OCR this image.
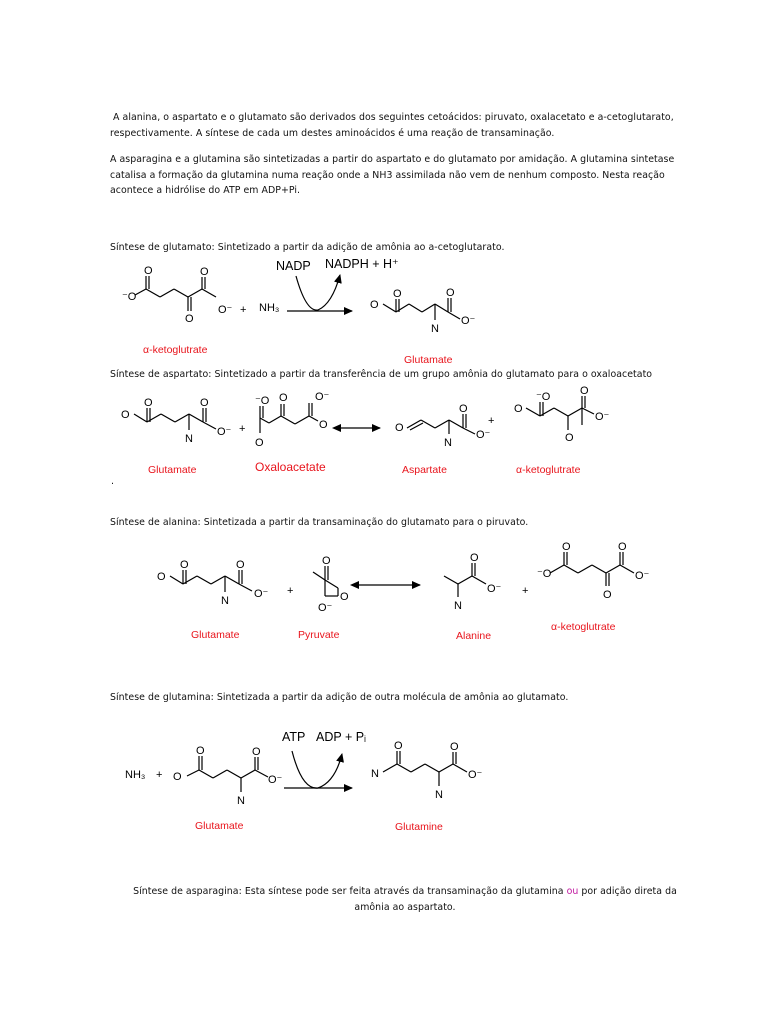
A alanina, o aspartato e o glutamato são derivados dos seguintes cetoácidos: piruvato, oxalacetato e a-cetoglutarato,
respectivamente. A síntese de cada um destes aminoácidos é uma reação de transaminação.
A asparagina e a glutamina são sintetizadas a partir do aspartato e do glutamato por amidação. A glutamina sintetase
catalisa a formação da glutamina numa reação onde a NH3 assimilada não vem de nenhum composto. Nesta reação
acontece a hidrólise do ATP em ADP+Pi.
Síntese de glutamato: Sintetizado a partir da adição de amônia ao a-cetoglutarato.
Síntese de aspartato: Sintetizado a partir da transferência de um grupo amônia do glutamato para o oxaloacetato
.
Síntese de alanina: Sintetizada a partir da transaminação do glutamato para o piruvato.
Síntese de glutamina: Sintetizada a partir da adição de outra molécula de amônia ao glutamato.
Síntese de asparagina: Esta síntese pode ser feita através da transaminação da glutamina ou por adição direta da
amônia ao aspartato.
NADP NADPH + H⁺
⁻O
O
O
O
O⁻ + NH₃	O
O
N
O
O⁻
α-ketoglutrate
Glutamate
O
O
N
O
O⁻ +
⁻O
O
O O⁻
O	O
N
O
O⁻
+
O
⁻O
O
O
O⁻
Glutamate	Oxaloacetate	Aspartate	α-ketoglutrate
O
O
N
O
O⁻ +
O
O
O⁻	N
O
O⁻ +
⁻O
O
O
O
O⁻
Glutamate	Pyruvate	Alanine
α-ketoglutrate
ATP ADP + Pᵢ
NH₃ + O
O
N
O
O⁻	N
O
N
O
O⁻
Glutamate	Glutamine
